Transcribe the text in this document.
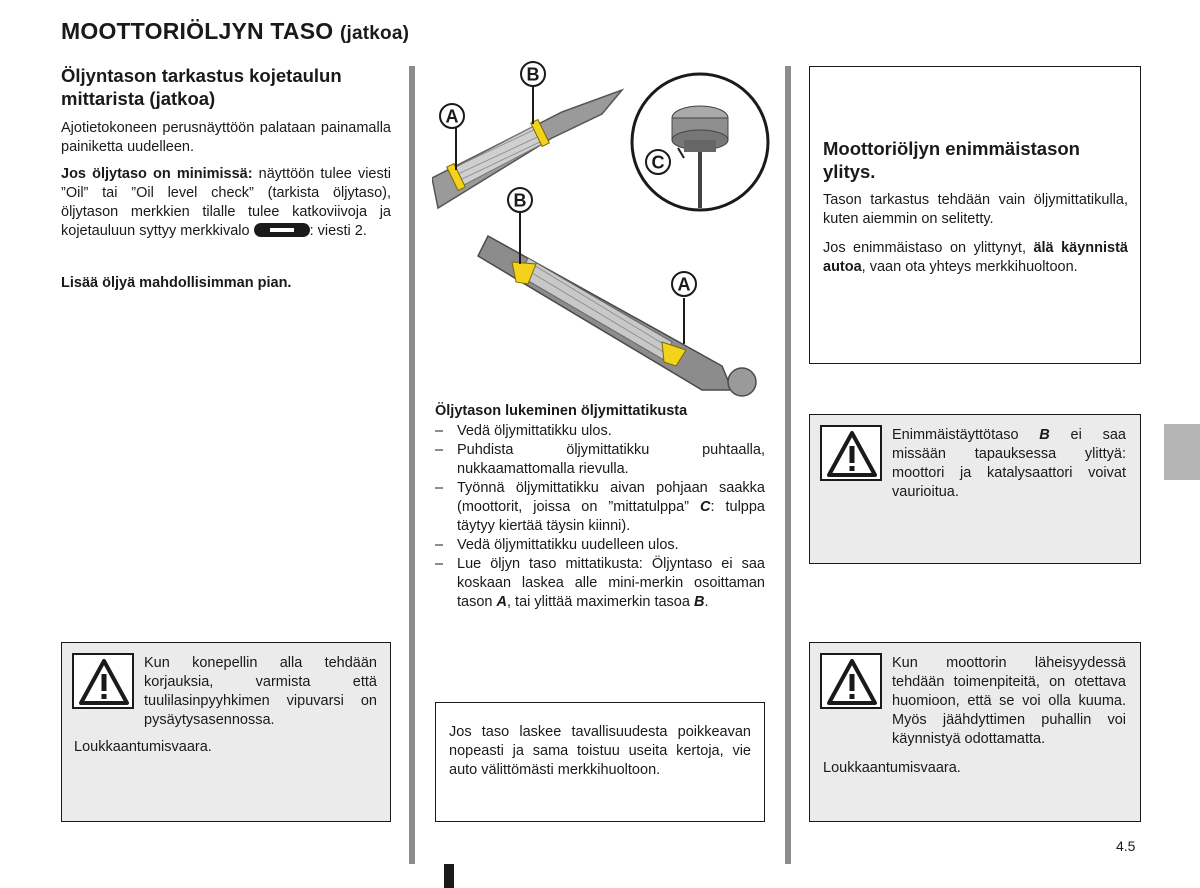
MOOTTORIÖLJYN TASO (jatkoa)
Öljyntason tarkastus kojetaulun mittarista (jatkoa)
Ajotietokoneen perusnäyttöön palataan painamalla painiketta uudelleen.
Jos öljytaso on minimissä: näyttöön tulee viesti ”Oil” tai ”Oil level check” (tarkista öljytaso), öljytason merkkien tilalle tulee katkoviivoja ja kojetauluun syttyy merkkivalo	: viesti 2.
Lisää öljyä mahdollisimman pian.
Kun konepellin alla tehdään korjauksia, varmista että tuulilasinpyyhkimen vipuvarsi on pysäytysasennossa.
Loukkaantumisvaara.
B
A
C
B
A
Öljytason lukeminen öljymittatikusta
– Vedä öljymittatikku ulos.
– Puhdista öljymittatikku puhtaalla, nukkaamattomalla rievulla.
– Työnnä öljymittatikku aivan pohjaan saakka (moottorit, joissa on ”mittatulppa” C: tulppa täytyy kiertää täysin kiinni).
– Vedä öljymittatikku uudelleen ulos.
– Lue öljyn taso mittatikusta: Öljyntaso ei saa koskaan laskea alle mini-merkin osoittaman tason A, tai ylittää maximerkin tasoa B.
Jos taso laskee tavallisuudesta poikkeavan nopeasti ja sama toistuu useita kertoja, vie auto välittömästi merkkihuoltoon.
Moottoriöljyn enimmäistason ylitys.
Tason tarkastus tehdään vain öljymittatikulla, kuten aiemmin on selitetty.
Jos enimmäistaso on ylittynyt, älä käynnistä autoa, vaan ota yhteys merkkihuoltoon.
Enimmäistäyttötaso B ei saa missään tapauksessa ylittyä: moottori ja katalysaattori voivat vaurioitua.
Kun moottorin läheisyydessä tehdään toimenpiteitä, on otettava huomioon, että se voi olla kuuma. Myös jäähdyttimen puhallin voi käynnistyä odottamatta.
Loukkaantumisvaara.
4.5
